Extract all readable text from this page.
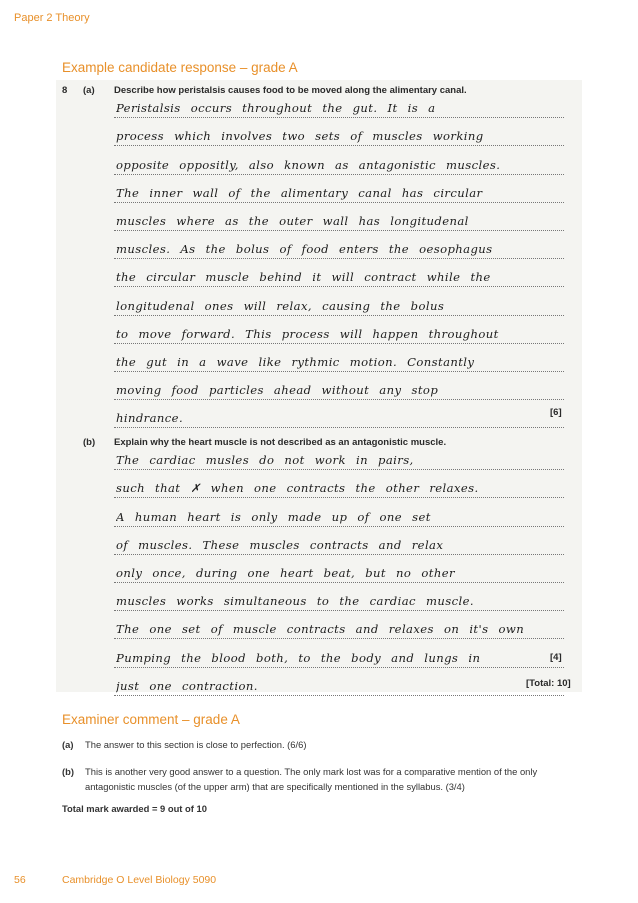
Paper 2 Theory
Example candidate response – grade A
8 (a) Describe how peristalsis causes food to be moved along the alimentary canal.
Peristalsis occurs throughout the gut. It is a
process which involves two sets of muscles working
opposite oppositly, also known as antagonistic muscles.
The inner wall of the alimentary canal has circular
muscles where as the outer wall has longitudenal
muscles. As the bolus of food enters the oesophagus
the circular muscle behind it will contract while the
longitudenal ones will relax, causing the bolus
to move forward. This process will happen throughout
the gut in a wave like rythmic motion. Constantly
moving food particles ahead without any stop
hindrance.	[6]
(b) Explain why the heart muscle is not described as an antagonistic muscle.
The cardiac musles do not work in pairs,
such that ✗ when one contracts the other relaxes.
A human heart is only made up of one set
of muscles. These muscles contracts and relax
only once, during one heart beat, but no other
muscles works simultaneous to the cardiac muscle.
The one set of muscle contracts and relaxes on it's own
Pumping the blood both, to the body and lungs in
just one contraction.
[4]
[Total: 10]
Examiner comment – grade A
(a) The answer to this section is close to perfection. (6/6)
(b) This is another very good answer to a question. The only mark lost was for a comparative mention of the only antagonistic muscles (of the upper arm) that are specifically mentioned in the syllabus. (3/4)
Total mark awarded = 9 out of 10
56	Cambridge O Level Biology 5090
